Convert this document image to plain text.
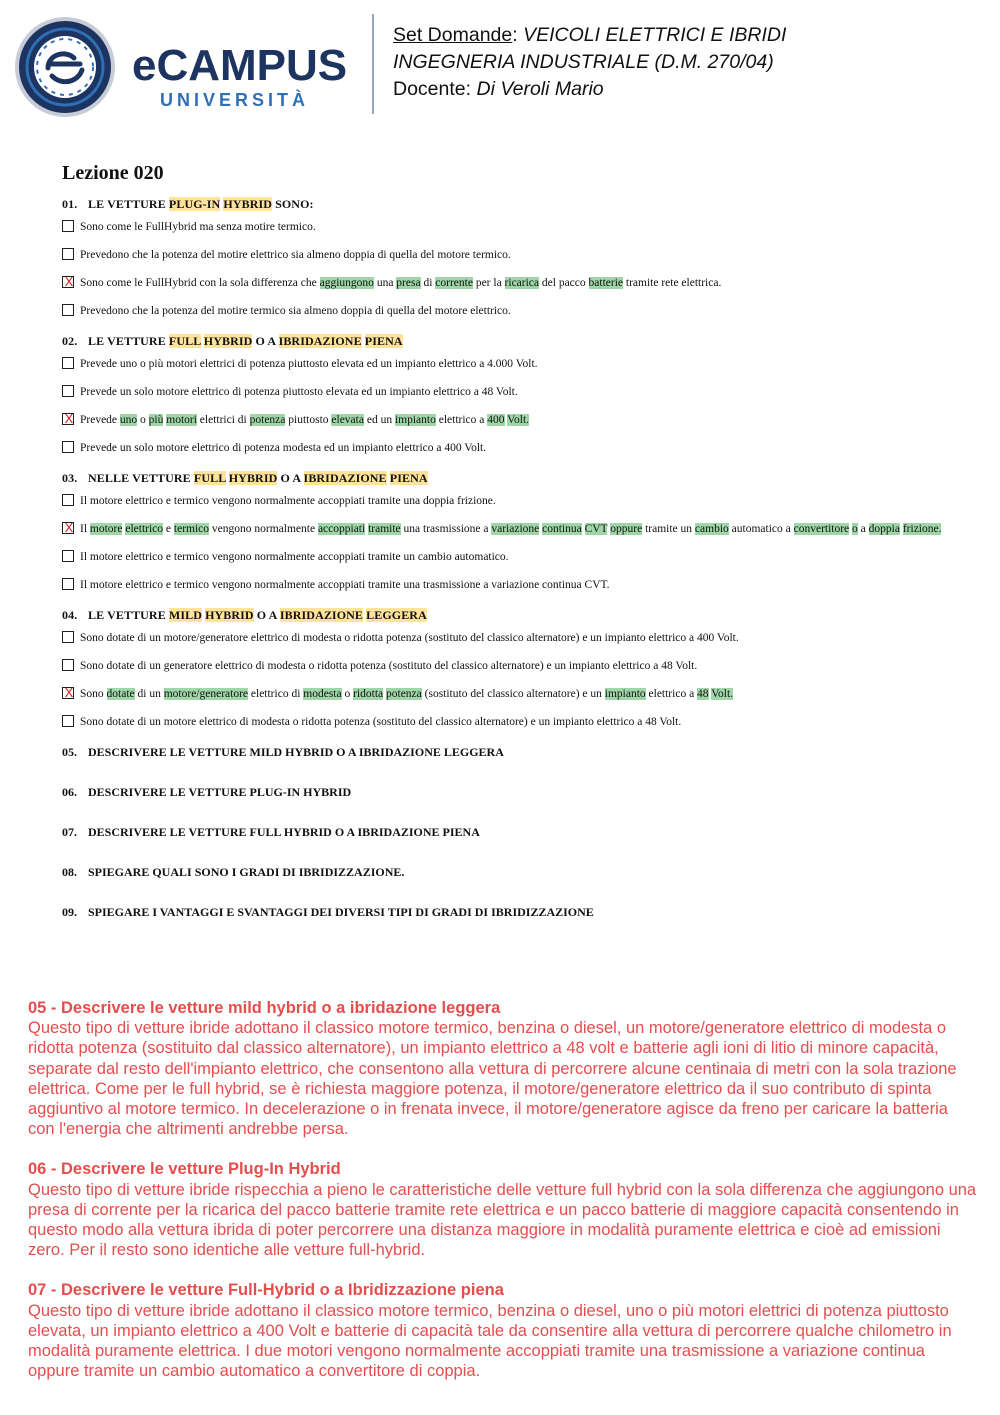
eCAMPUS
UNIVERSITÀ
Set Domande: VEICOLI ELETTRICI E IBRIDI
INGEGNERIA INDUSTRIALE (D.M. 270/04)
Docente: Di Veroli Mario
Lezione 020
01. LE VETTURE PLUG-IN HYBRID SONO:
Sono come le FullHybrid ma senza motire termico.
Prevedono che la potenza del motire elettrico sia almeno doppia di quella del motore termico.
X
Sono come le FullHybrid con la sola differenza che aggiungono una presa di corrente per la ricarica del pacco batterie tramite rete elettrica.
Prevedono che la potenza del motire termico sia almeno doppia di quella del motore elettrico.
02. LE VETTURE FULL HYBRID O A IBRIDAZIONE PIENA
Prevede uno o più motori elettrici di potenza piuttosto elevata ed un impianto elettrico a 4.000 Volt.
Prevede un solo motore elettrico di potenza piuttosto elevata ed un impianto elettrico a 48 Volt.
X
Prevede uno o più motori elettrici di potenza piuttosto elevata ed un impianto elettrico a 400 Volt.
Prevede un solo motore elettrico di potenza modesta ed un impianto elettrico a 400 Volt.
03. NELLE VETTURE FULL HYBRID O A IBRIDAZIONE PIENA
Il motore elettrico e termico vengono normalmente accoppiati tramite una doppia frizione.
X
Il motore elettrico e termico vengono normalmente accoppiati tramite una trasmissione a variazione continua CVT oppure tramite un cambio automatico a convertitore o a doppia frizione.
Il motore elettrico e termico vengono normalmente accoppiati tramite un cambio automatico.
Il motore elettrico e termico vengono normalmente accoppiati tramite una trasmissione a variazione continua CVT.
04. LE VETTURE MILD HYBRID O A IBRIDAZIONE LEGGERA
Sono dotate di un motore/generatore elettrico di modesta o ridotta potenza (sostituto del classico alternatore) e un impianto elettrico a 400 Volt.
Sono dotate di un generatore elettrico di modesta o ridotta potenza (sostituto del classico alternatore) e un impianto elettrico a 48 Volt.
X
Sono dotate di un motore/generatore elettrico di modesta o ridotta potenza (sostituto del classico alternatore) e un impianto elettrico a 48 Volt.
Sono dotate di un motore elettrico di modesta o ridotta potenza (sostituto del classico alternatore) e un impianto elettrico a 48 Volt.
05. DESCRIVERE LE VETTURE MILD HYBRID O A IBRIDAZIONE LEGGERA
06. DESCRIVERE LE VETTURE PLUG-IN HYBRID
07. DESCRIVERE LE VETTURE FULL HYBRID O A IBRIDAZIONE PIENA
08. SPIEGARE QUALI SONO I GRADI DI IBRIDIZZAZIONE.
09. SPIEGARE I VANTAGGI E SVANTAGGI DEI DIVERSI TIPI DI GRADI DI IBRIDIZZAZIONE
05 - Descrivere le vetture mild hybrid o a ibridazione leggera
Questo tipo di vetture ibride adottano il classico motore termico, benzina o diesel, un motore/generatore elettrico di modesta o ridotta potenza (sostituito dal classico alternatore), un impianto elettrico a 48 volt e batterie agli ioni di litio di minore capacità, separate dal resto dell'impianto elettrico, che consentono alla vettura di percorrere alcune centinaia di metri con la sola trazione elettrica. Come per le full hybrid, se è richiesta maggiore potenza, il motore/generatore elettrico da il suo contributo di spinta aggiuntivo al motore termico. In decelerazione o in frenata invece, il motore/generatore agisce da freno per caricare la batteria con l'energia che altrimenti andrebbe persa.
06 - Descrivere le vetture Plug-In Hybrid
Questo tipo di vetture ibride rispecchia a pieno le caratteristiche delle vetture full hybrid con la sola differenza che aggiungono una presa di corrente per la ricarica del pacco batterie tramite rete elettrica e un pacco batterie di maggiore capacità consentendo in questo modo alla vettura ibrida di poter percorrere una distanza maggiore in modalità puramente elettrica e cioè ad emissioni zero. Per il resto sono identiche alle vetture full-hybrid.
07 - Descrivere le vetture Full-Hybrid o a Ibridizzazione piena
Questo tipo di vetture ibride adottano il classico motore termico, benzina o diesel, uno o più motori elettrici di potenza piuttosto elevata, un impianto elettrico a 400 Volt e batterie di capacità tale da consentire alla vettura di percorrere qualche chilometro in modalità puramente elettrica. I due motori vengono normalmente accoppiati tramite una trasmissione a variazione continua oppure tramite un cambio automatico a convertitore di coppia.
